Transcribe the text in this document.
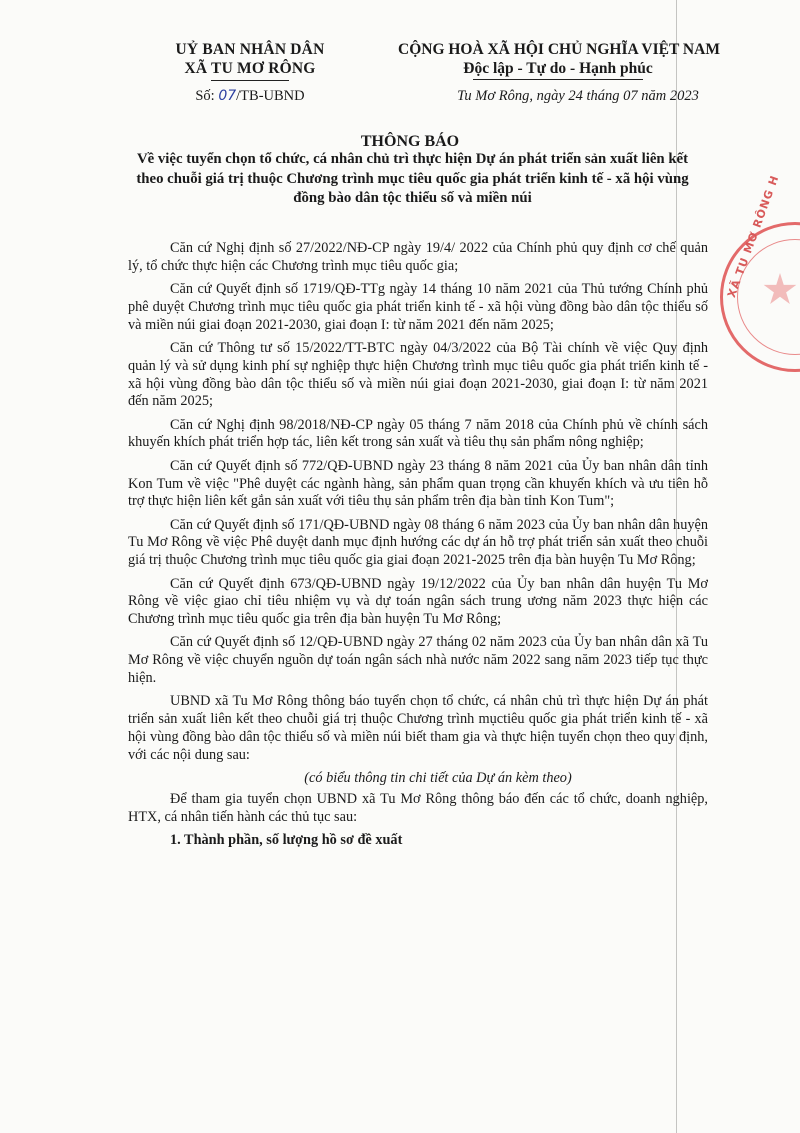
UỶ BAN NHÂN DÂN
XÃ TU MƠ RÔNG
Số: 07/TB-UBND
CỘNG HOÀ XÃ HỘI CHỦ NGHĨA VIỆT NAM
Độc lập - Tự do - Hạnh phúc
Tu Mơ Rông, ngày 24 tháng 07 năm 2023
THÔNG BÁO
Về việc tuyển chọn tổ chức, cá nhân chủ trì thực hiện Dự án phát triển sản xuất liên kết theo chuỗi giá trị thuộc Chương trình mục tiêu quốc gia phát triển kinh tế - xã hội vùng đồng bào dân tộc thiểu số và miền núi

Căn cứ Nghị định số 27/2022/NĐ-CP ngày 19/4/ 2022 của Chính phủ quy định cơ chế quản lý, tổ chức thực hiện các Chương trình mục tiêu quốc gia;

Căn cứ Quyết định số 1719/QĐ-TTg ngày 14 tháng 10 năm 2021 của Thủ tướng Chính phủ phê duyệt Chương trình mục tiêu quốc gia phát triển kinh tế - xã hội vùng đồng bào dân tộc thiểu số và miền núi giai đoạn 2021-2030, giai đoạn I: từ năm 2021 đến năm 2025;

Căn cứ Thông tư số 15/2022/TT-BTC ngày 04/3/2022 của Bộ Tài chính về việc Quy định quản lý và sử dụng kinh phí sự nghiệp thực hiện Chương trình mục tiêu quốc gia phát triển kinh tế - xã hội vùng đồng bào dân tộc thiểu số và miền núi giai đoạn 2021-2030, giai đoạn I: từ năm 2021 đến năm 2025;

Căn cứ Nghị định 98/2018/NĐ-CP ngày 05 tháng 7 năm 2018 của Chính phủ về chính sách khuyến khích phát triển hợp tác, liên kết trong sản xuất và tiêu thụ sản phẩm nông nghiệp;

Căn cứ Quyết định số 772/QĐ-UBND ngày 23 tháng 8 năm 2021 của Ủy ban nhân dân tỉnh Kon Tum về việc "Phê duyệt các ngành hàng, sản phẩm quan trọng cần khuyến khích và ưu tiên hỗ trợ thực hiện liên kết gắn sản xuất với tiêu thụ sản phẩm trên địa bàn tỉnh Kon Tum";

Căn cứ Quyết định số 171/QĐ-UBND ngày 08 tháng 6 năm 2023 của Ủy ban nhân dân huyện Tu Mơ Rông về việc Phê duyệt danh mục định hướng các dự án hỗ trợ phát triển sản xuất theo chuỗi giá trị thuộc Chương trình mục tiêu quốc gia giai đoạn 2021-2025 trên địa bàn huyện Tu Mơ Rông;

Căn cứ Quyết định 673/QĐ-UBND ngày 19/12/2022 của Ủy ban nhân dân huyện Tu Mơ Rông về việc giao chỉ tiêu nhiệm vụ và dự toán ngân sách trung ương năm 2023 thực hiện các Chương trình mục tiêu quốc gia trên địa bàn huyện Tu Mơ Rông;

Căn cứ Quyết định số 12/QĐ-UBND ngày 27 tháng 02 năm 2023 của Ủy ban nhân dân xã Tu Mơ Rông về việc chuyển nguồn dự toán ngân sách nhà nước năm 2022 sang năm 2023 tiếp tục thực hiện.

UBND xã Tu Mơ Rông thông báo tuyển chọn tổ chức, cá nhân chủ trì thực hiện Dự án phát triển sản xuất liên kết theo chuỗi giá trị thuộc Chương trình mụctiêu quốc gia phát triển kinh tế - xã hội vùng đồng bào dân tộc thiểu số và miền núi biết tham gia và thực hiện tuyển chọn theo quy định, với các nội dung sau:

(có biểu thông tin chi tiết của Dự án kèm theo)

Để tham gia tuyển chọn UBND xã Tu Mơ Rông thông báo đến các tổ chức, doanh nghiệp, HTX, cá nhân tiến hành các thủ tục sau:

1. Thành phần, số lượng hồ sơ đề xuất

XÃ TU MƠ RÔNG H
